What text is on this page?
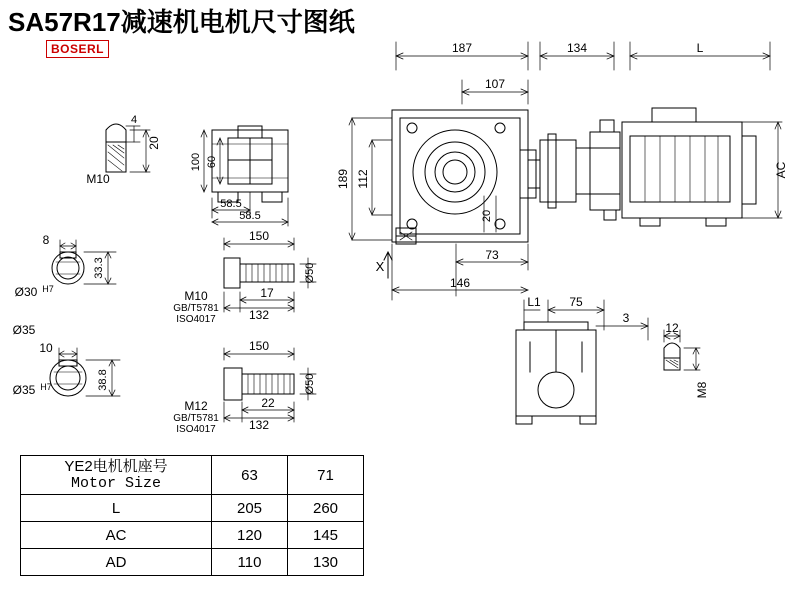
SA57R17减速机电机尺寸图纸
BOSERL	187
107
134	L
189 112	AC
20
73
146
X
L1 75
3
12
M8
20
4
M10
100 60
58.5
58.5
8
Ø30 H7
33.3
Ø35
10
Ø35 H7	38.8
150
M10
GB/T5781
ISO4017
17
132
Ø50
150
M12
GB/T5781
ISO4017
22
132
Ø50
YE2电机机座号
Motor Size	63	71
L	205	260
AC	120	145
AD	110	130
